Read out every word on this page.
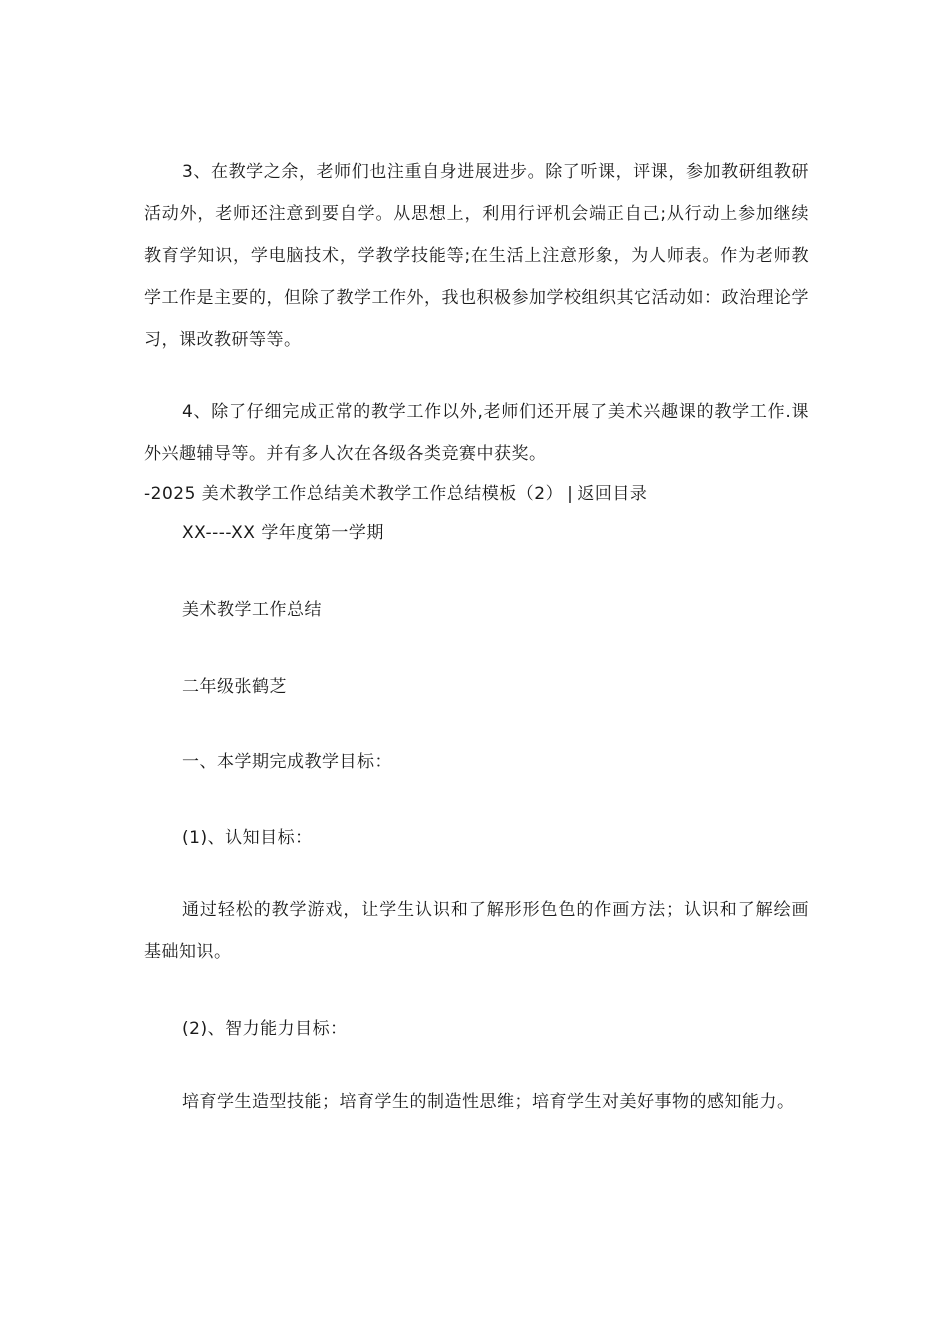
3、在教学之余，老师们也注重自身进展进步。除了听课，评课，参加教研组教研活动外，老师还注意到要自学。从思想上，利用行评机会端正自己;从行动上参加继续教育学知识，学电脑技术，学教学技能等;在生活上注意形象，为人师表。作为老师教学工作是主要的，但除了教学工作外，我也积极参加学校组织其它活动如：政治理论学习，课改教研等等。

4、除了仔细完成正常的教学工作以外,老师们还开展了美术兴趣课的教学工作.课外兴趣辅导等。并有多人次在各级各类竞赛中获奖。

-2025 美术教学工作总结美术教学工作总结模板（2） | 返回目录

XX----XX 学年度第一学期

美术教学工作总结

二年级张鹤芝

一、本学期完成教学目标：

(1)、认知目标：

通过轻松的教学游戏，让学生认识和了解形形色色的作画方法；认识和了解绘画基础知识。

(2)、智力能力目标：

培育学生造型技能；培育学生的制造性思维；培育学生对美好事物的感知能力。
